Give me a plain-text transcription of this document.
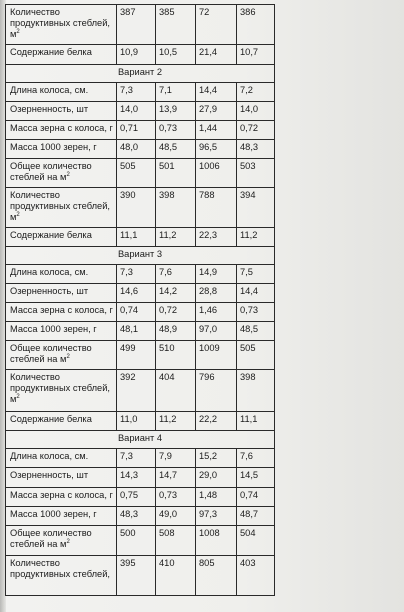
Количество продуктивных стеблей, $м^2$	387	385	72	386
Содержание белка	10,9	10,5	21,4	10,7
Вариант 2				
Длина колоса, см.	7,3	7,1	14,4	7,2
Озерненность, шт	14,0	13,9	27,9	14,0
Масса зерна с колоса, г	0,71	0,73	1,44	0,72
Масса 1000 зерен, г	48,0	48,5	96,5	48,3
Общее количество стеблей на $м^2$	505	501	1006	503
Количество продуктивных стеблей, $м^2$	390	398	788	394
Содержание белка	11,1	11,2	22,3	11,2
Вариант 3				
Длина колоса, см.	7,3	7,6	14,9	7,5
Озерненность, шт	14,6	14,2	28,8	14,4
Масса зерна с колоса, г	0,74	0,72	1,46	0,73
Масса 1000 зерен, г	48,1	48,9	97,0	48,5
Общее количество стеблей на $м^2$	499	510	1009	505
Количество продуктивных стеблей, $м^2$	392	404	796	398
Содержание белка	11,0	11,2	22,2	11,1
Вариант 4				
Длина колоса, см.	7,3	7,9	15,2	7,6
Озерненность, шт	14,3	14,7	29,0	14,5
Масса зерна с колоса, г	0,75	0,73	1,48	0,74
Масса 1000 зерен, г	48,3	49,0	97,3	48,7
Общее количество стеблей на $м^2$	500	508	1008	504
Количество продуктивных стеблей,	395	410	805	403
